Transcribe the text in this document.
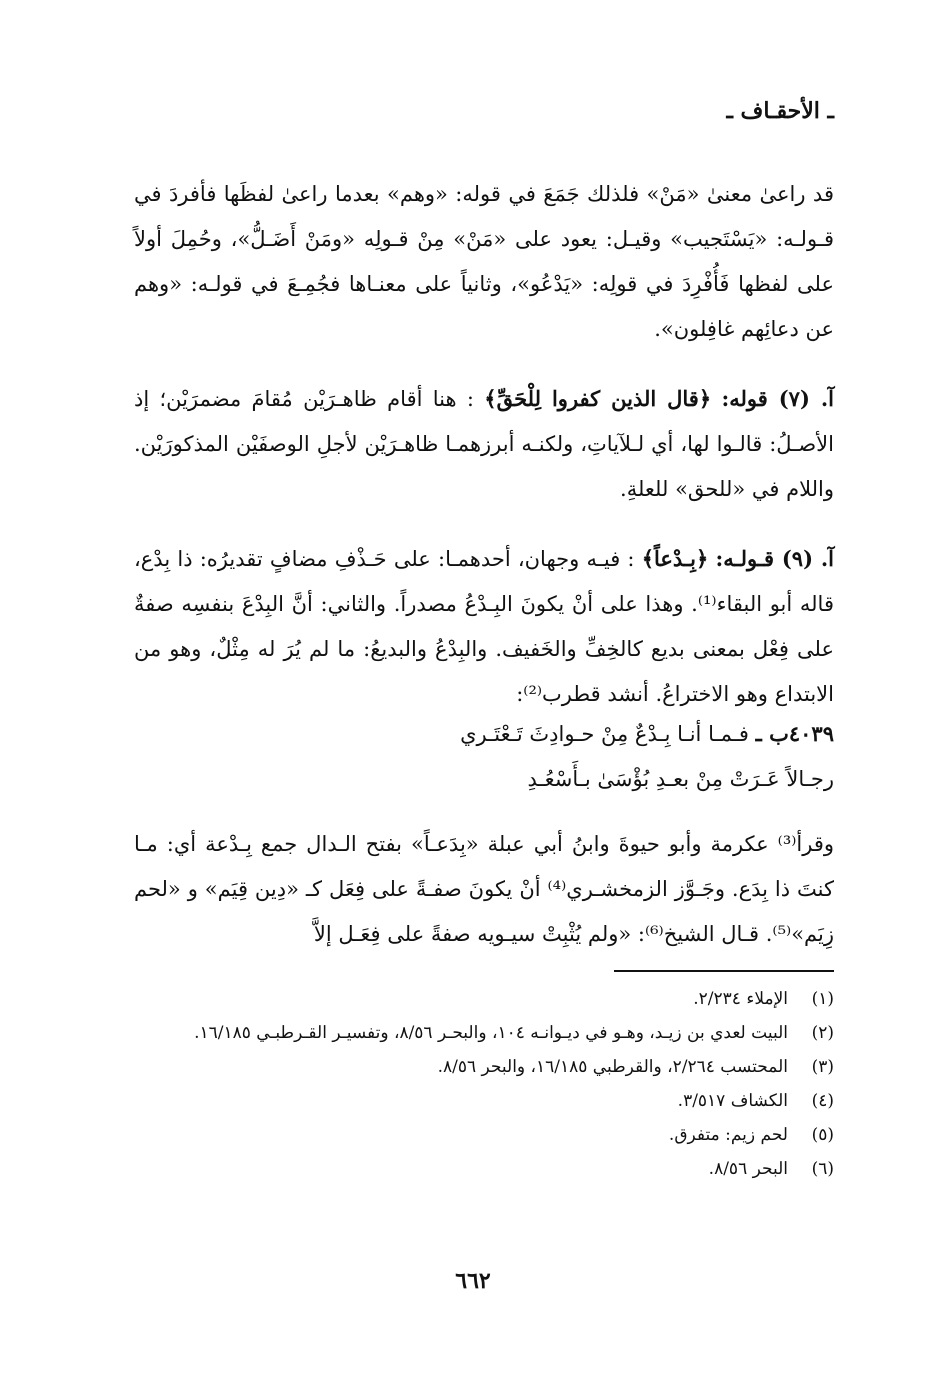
ـ الأحقـاف ـ

قد راعىٰ معنىٰ «مَنْ» فلذلك جَمَعَ في قوله: «وهم» بعدما راعىٰ لفظَها فأفردَ في قـولـه: «يَسْتَجيب» وقيـل: يعود على «مَنْ» مِنْ قـولِه «ومَنْ أَضَـلُّ»، وحُمِلَ أولاً على لفظها فَأُفْرِدَ في قولِه: «يَدْعُو»، وثانياً على معنـاها فجُمِـعَ في قولـه: «وهم عن دعائِهم غافِلون».

آ. (٧) قوله: ﴿قال الذين كفروا لِلْحَقِّ﴾ : هنا أقام ظاهـرَيْن مُقامَ مضمرَيْن؛ إذ الأصـلُ: قالـوا لها، أي لـلآياتِ، ولكنـه أبرزهمـا ظاهـرَيْن لأجلِ الوصفَيْن المذكورَيْن. واللام في «للحق» للعلةِ.

آ. (٩) قـولـه: ﴿بِـدْعاً﴾ : فيـه وجهان، أحدهمـا: على حَـذْفِ مضافٍ تقديرُه: ذا بِدْع، قاله أبو البقاء⁽¹⁾. وهذا على أنْ يكونَ البِـدْعُ مصدراً. والثاني: أنَّ البِدْعَ بنفسِه صفةٌ على فِعْل بمعنى بديع كالخِفِّ والخَفيف. والبِدْعُ والبديعُ: ما لم يُرَ له مِثْلٌ، وهو من الابتداع وهو الاختراعُ. أنشد قطرب⁽²⁾:

٤٠٣٩ب ـ فـمـا أنـا بِـدْعٌ مِنْ حـوادِثَ تَـعْتَـري
رجـالاً عَـرَتْ مِنْ بعـدِ بُؤْسَىٰ بـأَسْعُـدِ

وقرأ⁽³⁾ عكرمة وأبو حيوةَ وابنُ أبي عبلة «بِدَعـاً» بفتح الـدال جمع بِـدْعة أي: مـا كنتَ ذا بِدَع. وجَـوَّز الزمخشـري⁽⁴⁾ أنْ يكونَ صفـةً على فِعَل كـ «دِين قِيَم» و «لحم زِيَم»⁽⁵⁾. قـال الشيخ⁽⁶⁾: «ولم يُثْبِتْ سيـويه صفةً على فِعَـل إلاَّ

(١)
الإملاء ٢/٢٣٤.
(٢)
البيت لعدي بن زيـد، وهـو في ديـوانـه ١٠٤، والبحـر ٨/٥٦، وتفسيـر القـرطبـي ١٦/١٨٥.
(٣)
المحتسب ٢/٢٦٤، والقرطبي ١٦/١٨٥، والبحر ٨/٥٦.
(٤)
الكشاف ٣/٥١٧.
(٥)
لحم زيم: متفرق.
(٦)
البحر ٨/٥٦.
٦٦٢
